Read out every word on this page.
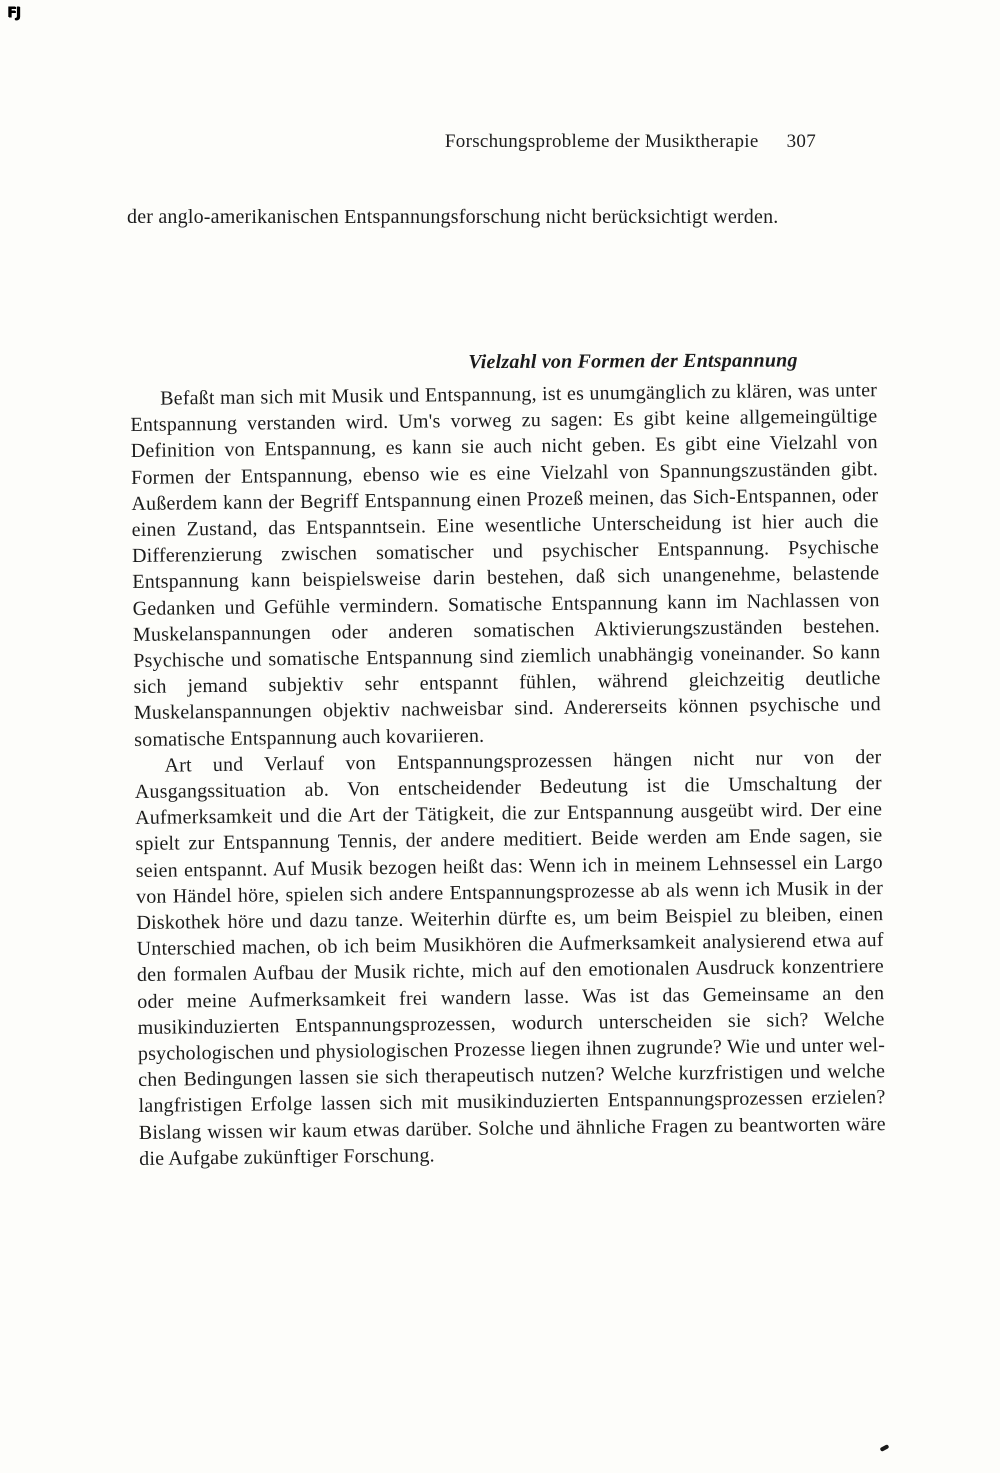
FJ
Forschungsprobleme der Musiktherapie 307

der anglo-amerikanischen Entspannungsforschung nicht berücksichtigt werden.

Vielzahl von Formen der Entspannung

Befaßt man sich mit Musik und Entspannung, ist es unumgänglich zu klären, was unter Entspannung verstanden wird. Um's vorweg zu sagen: Es gibt keine allgemeingültige Definition von Entspannung, es kann sie auch nicht geben. Es gibt eine Vielzahl von Formen der Entspannung, ebenso wie es eine Vielzahl von Spannungszuständen gibt. Außerdem kann der Begriff Entspannung einen Prozeß meinen, das Sich-Entspannen, oder einen Zustand, das Entspanntsein. Eine wesentliche Unterscheidung ist hier auch die Differenzierung zwischen somatischer und psychischer Entspannung. Psychische Entspannung kann beispielsweise darin bestehen, daß sich unangenehme, belastende Gedanken und Gefühle vermindern. Somatische Entspannung kann im Nachlassen von Muskelanspannungen oder anderen somatischen Aktivierungszuständen bestehen. Psychische und somatische Entspannung sind ziemlich unabhängig voneinander. So kann sich jemand subjektiv sehr entspannt fühlen, während gleichzeitig deutliche Muskelanspannungen objektiv nachweisbar sind. Andererseits können psychische und somatische Entspannung auch kovariieren.

Art und Verlauf von Entspannungsprozessen hängen nicht nur von der Ausgangssituation ab. Von entscheidender Bedeutung ist die Umschaltung der Aufmerksamkeit und die Art der Tätigkeit, die zur Entspannung ausgeübt wird. Der eine spielt zur Entspannung Tennis, der andere meditiert. Beide werden am Ende sagen, sie seien entspannt. Auf Musik bezogen heißt das: Wenn ich in meinem Lehnsessel ein Largo von Händel höre, spielen sich andere Entspannungsprozesse ab als wenn ich Musik in der Diskothek höre und dazu tanze. Weiterhin dürfte es, um beim Beispiel zu bleiben, einen Unterschied machen, ob ich beim Musikhören die Aufmerksamkeit analysierend etwa auf den formalen Aufbau der Musik richte, mich auf den emotionalen Ausdruck konzentriere oder meine Aufmerksamkeit frei wandern lasse. Was ist das Gemeinsame an den musikinduzierten Entspannungsprozessen, wodurch unterscheiden sie sich? Welche psychologischen und physiologischen Prozesse liegen ihnen zugrunde? Wie und unter welchen Bedingungen lassen sie sich therapeutisch nutzen? Welche kurzfristigen und welche langfristigen Erfolge lassen sich mit musikinduzierten Entspannungsprozessen erzielen? Bislang wissen wir kaum etwas darüber. Solche und ähnliche Fragen zu beantworten wäre die Aufgabe zukünftiger Forschung.
